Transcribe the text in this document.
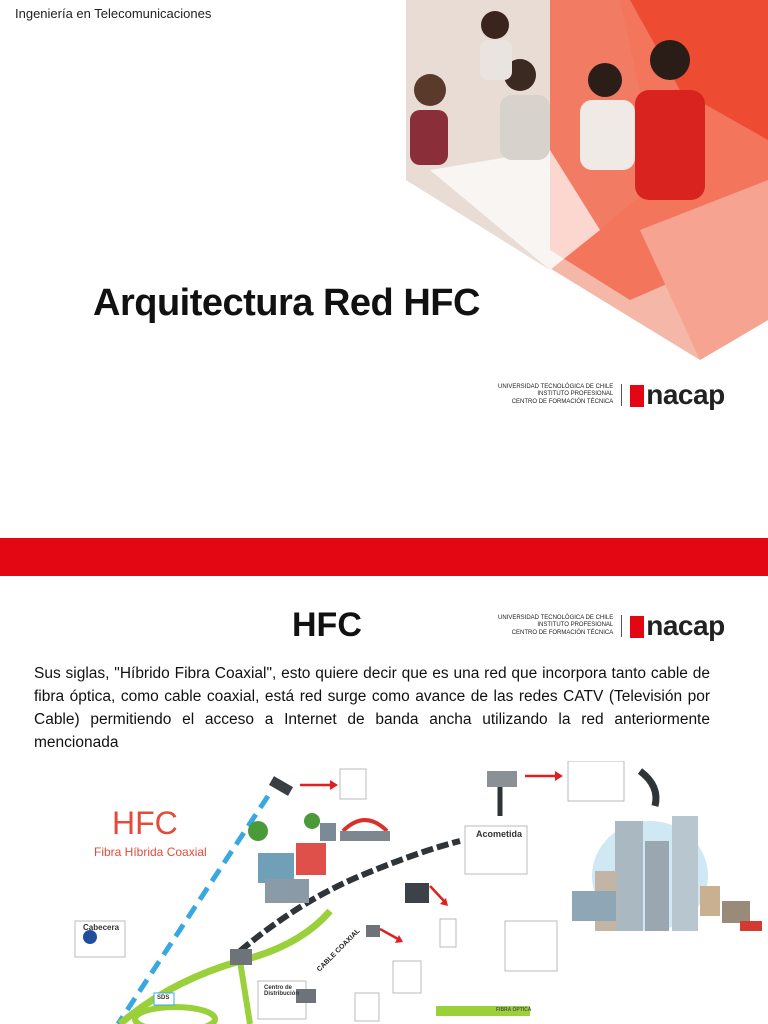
Ingeniería en Telecomunicaciones
Arquitectura Red HFC
UNIVERSIDAD TECNOLÓGICA DE CHILE
INSTITUTO PROFESIONAL
CENTRO DE FORMACIÓN TÉCNICA nacap
HFC	UNIVERSIDAD TECNOLÓGICA DE CHILE
INSTITUTO PROFESIONAL
CENTRO DE FORMACIÓN TÉCNICA nacap
Sus siglas, "Híbrido Fibra Coaxial", esto quiere decir que es una red que incorpora tanto cable de fibra óptica, como cable coaxial, está red surge como avance de las redes CATV (Televisión por Cable) permitiendo el acceso a Internet de banda ancha utilizando la red anteriormente mencionada
HFC
Fibra Híbrida Coaxial
Cabecera
Acometida
Centro de Distribución
SDS
CABLE COAXIAL
FIBRA ÓPTICA
